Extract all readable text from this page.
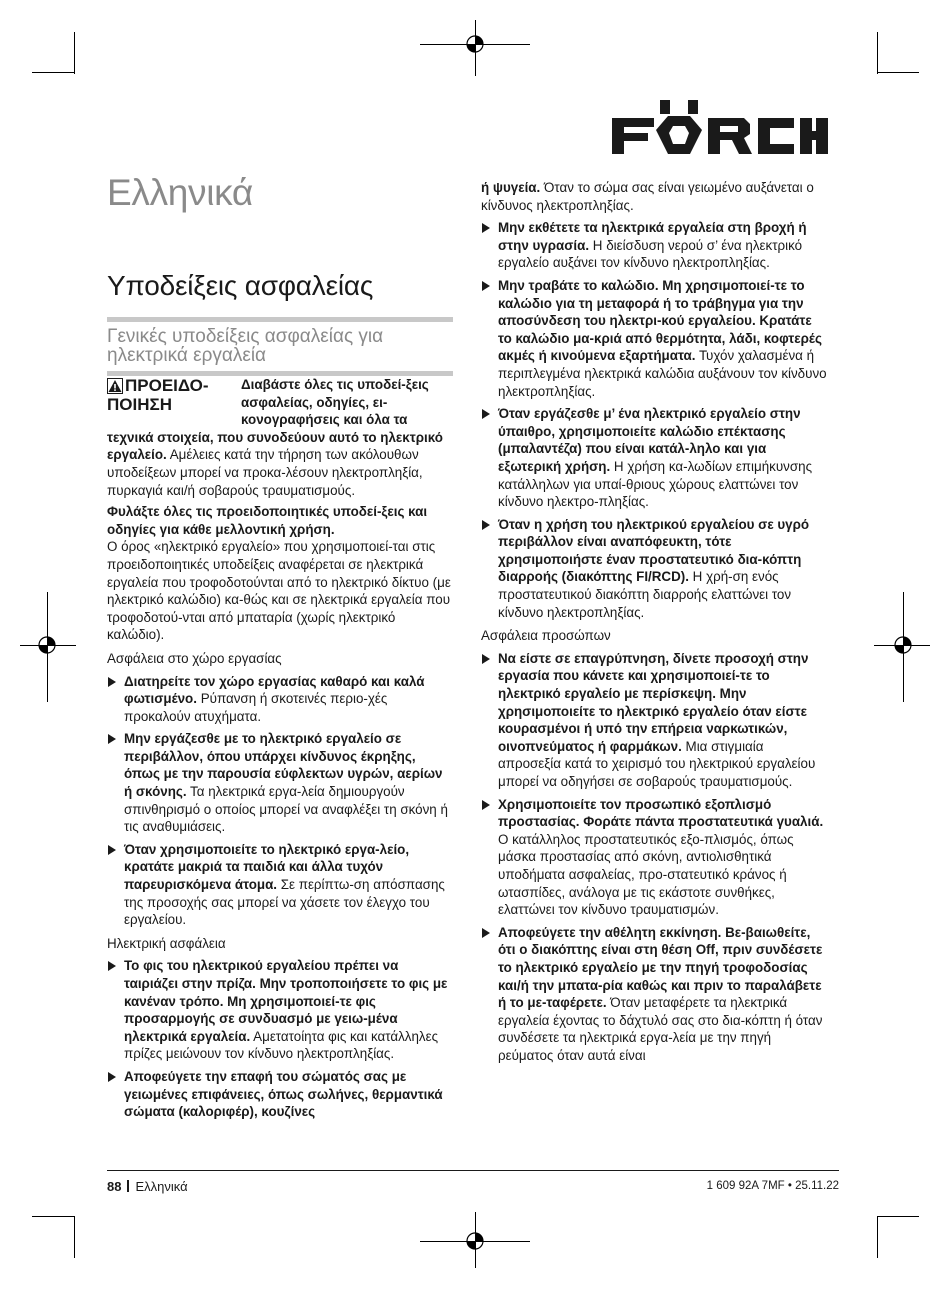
Ελληνικά
Υποδείξεις ασφαλείας
Γενικές υποδείξεις ασφαλείας για ηλεκτρικά εργαλεία
ΠΡΟΕΙΔΟ-ΠΟΙΗΣΗ

Διαβάστε όλες τις υποδεί-ξεις ασφαλείας, οδηγίες, ει-κονογραφήσεις και όλα τα τεχνικά στοιχεία, που συνοδεύουν αυτό το ηλεκτρικό εργαλείο. Αμέλειες κατά την τήρηση των ακόλουθων υποδείξεων μπορεί να προκα-λέσουν ηλεκτροπληξία, πυρκαγιά και/ή σοβαρούς τραυματισμούς.

Φυλάξτε όλες τις προειδοποιητικές υποδεί-ξεις και οδηγίες για κάθε μελλοντική χρήση.

Ο όρος «ηλεκτρικό εργαλείο» που χρησιμοποιεί-ται στις προειδοποιητικές υποδείξεις αναφέρεται σε ηλεκτρικά εργαλεία που τροφοδοτούνται από το ηλεκτρικό δίκτυο (με ηλεκτρικό καλώδιο) κα-θώς και σε ηλεκτρικά εργαλεία που τροφοδοτού-νται από μπαταρία (χωρίς ηλεκτρικό καλώδιο).

Ασφάλεια στο χώρο εργασίας

Διατηρείτε τον χώρο εργασίας καθαρό και καλά φωτισμένο. Ρύπανση ή σκοτεινές περιο-χές προκαλούν ατυχήματα.

Μην εργάζεσθε με το ηλεκτρικό εργαλείο σε περιβάλλον, όπου υπάρχει κίνδυνος έκρηξης, όπως με την παρουσία εύφλεκτων υγρών, αερίων ή σκόνης. Τα ηλεκτρικά εργα-λεία δημιουργούν σπινθηρισμό ο οποίος μπορεί να αναφλέξει τη σκόνη ή τις αναθυμιάσεις.

Όταν χρησιμοποιείτε το ηλεκτρικό εργα-λείο, κρατάτε μακριά τα παιδιά και άλλα τυχόν παρευρισκόμενα άτομα. Σε περίπτω-ση απόσπασης της προσοχής σας μπορεί να χάσετε τον έλεγχο του εργαλείου.

Ηλεκτρική ασφάλεια

Το φις του ηλεκτρικού εργαλείου πρέπει να ταιριάζει στην πρίζα. Μην τροποποιήσετε το φις με κανέναν τρόπο. Μη χρησιμοποιεί-τε φις προσαρμογής σε συνδυασμό με γειω-μένα ηλεκτρικά εργαλεία. Αμετατοίητα φις και κατάλληλες πρίζες μειώνουν τον κίνδυνο ηλεκτροπληξίας.

Αποφεύγετε την επαφή του σώματός σας με γειωμένες επιφάνειες, όπως σωλήνες, θερμαντικά σώματα (καλοριφέρ), κουζίνες

ή ψυγεία. Όταν το σώμα σας είναι γειωμένο αυξάνεται ο κίνδυνος ηλεκτροπληξίας.

Μην εκθέτετε τα ηλεκτρικά εργαλεία στη βροχή ή στην υγρασία. Η διείσδυση νερού σ’ ένα ηλεκτρικό εργαλείο αυξάνει τον κίνδυνο ηλεκτροπληξίας.

Μην τραβάτε το καλώδιο. Μη χρησιμοποιεί-τε το καλώδιο για τη μεταφορά ή το τράβηγμα για την αποσύνδεση του ηλεκτρι-κού εργαλείου. Κρατάτε το καλώδιο μα-κριά από θερμότητα, λάδι, κοφτερές ακμές ή κινούμενα εξαρτήματα. Τυχόν χαλασμένα ή περιπλεγμένα ηλεκτρικά καλώδια αυξάνουν τον κίνδυνο ηλεκτροπληξίας.

Όταν εργάζεσθε μ’ ένα ηλεκτρικό εργαλείο στην ύπαιθρο, χρησιμοποιείτε καλώδιο επέκτασης (μπαλαντέζα) που είναι κατάλ-ληλο και για εξωτερική χρήση. Η χρήση κα-λωδίων επιμήκυνσης κατάλληλων για υπαί-θριους χώρους ελαττώνει τον κίνδυνο ηλεκτρο-πληξίας.

Όταν η χρήση του ηλεκτρικού εργαλείου σε υγρό περιβάλλον είναι αναπόφευκτη, τότε χρησιμοποιήστε έναν προστατευτικό δια-κόπτη διαρροής (διακόπτης FI/RCD). Η χρή-ση ενός προστατευτικού διακόπτη διαρροής ελαττώνει τον κίνδυνο ηλεκτροπληξίας.

Ασφάλεια προσώπων

Να είστε σε επαγρύπνηση, δίνετε προσοχή στην εργασία που κάνετε και χρησιμοποιεί-τε το ηλεκτρικό εργαλείο με περίσκεψη. Μην χρησιμοποιείτε το ηλεκτρικό εργαλείο όταν είστε κουρασμένοι ή υπό την επήρεια ναρκωτικών, οινοπνεύματος ή φαρμάκων. Μια στιγμιαία απροσεξία κατά το χειρισμό του ηλεκτρικού εργαλείου μπορεί να οδηγήσει σε σοβαρούς τραυματισμούς.

Χρησιμοποιείτε τον προσωπικό εξοπλισμό προστασίας. Φοράτε πάντα προστατευτικά γυαλιά. Ο κατάλληλος προστατευτικός εξο-πλισμός, όπως μάσκα προστασίας από σκόνη, αντιολισθητικά υποδήματα ασφαλείας, προ-στατευτικό κράνος ή ωτασπίδες, ανάλογα με τις εκάστοτε συνθήκες, ελαττώνει τον κίνδυνο τραυματισμών.

Αποφεύγετε την αθέλητη εκκίνηση. Βε-βαιωθείτε, ότι ο διακόπτης είναι στη θέση Off, πριν συνδέσετε το ηλεκτρικό εργαλείο με την πηγή τροφοδοσίας και/ή την μπατα-ρία καθώς και πριν το παραλάβετε ή το με-ταφέρετε. Όταν μεταφέρετε τα ηλεκτρικά εργαλεία έχοντας το δάχτυλό σας στο δια-κόπτη ή όταν συνδέσετε τα ηλεκτρικά εργα-λεία με την πηγή ρεύματος όταν αυτά είναι

88 Ελληνικά	1 609 92A 7MF • 25.11.22
